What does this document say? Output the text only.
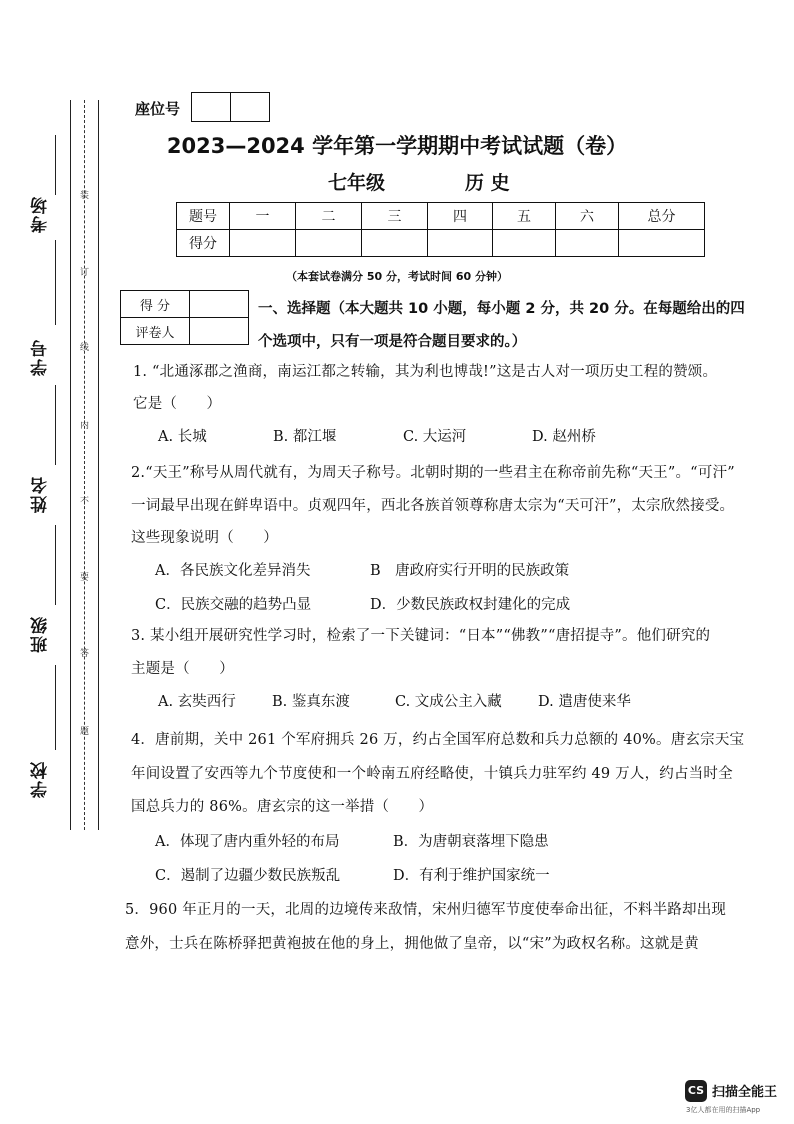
考场
学号
姓名
班级
学校
装
订
线
内
不
要
答
题
座位号
2023—2024 学年第一学期期中考试试题（卷）
七年级	历 史
题号	一	二	三	四	五	六	总分
得分							
（本套试卷满分 50 分，考试时间 60 分钟）
得 分	
评卷人	
一、选择题（本大题共 10 小题，每小题 2 分，共 20 分。在每题给出的四
个选项中，只有一项是符合题目要求的。）
1. “北通涿郡之渔商，南运江都之转输，其为利也博哉!”这是古人对一项历史工程的赞颂。
它是（　　）
A. 长城	B. 都江堰	C. 大运河	D. 赵州桥
2.“天王”称号从周代就有，为周天子称号。北朝时期的一些君主在称帝前先称“天王”。“可汗”
一词最早出现在鲜卑语中。贞观四年，西北各族首领尊称唐太宗为“天可汗”，太宗欣然接受。
这些现象说明（　　）
A．各民族文化差异消失	B　唐政府实行开明的民族政策
C．民族交融的趋势凸显	D．少数民族政权封建化的完成
3. 某小组开展研究性学习时，检索了一下关键词：“日本”“佛教”“唐招提寺”。他们研究的
主题是（　　）
A. 玄奘西行	B. 鉴真东渡	C. 文成公主入藏 D. 遣唐使来华
4．唐前期，关中 261 个军府拥兵 26 万，约占全国军府总数和兵力总额的 40%。唐玄宗天宝
年间设置了安西等九个节度使和一个岭南五府经略使，十镇兵力驻军约 49 万人，约占当时全
国总兵力的 86%。唐玄宗的这一举措（　　）
A．体现了唐内重外轻的布局	B．为唐朝衰落埋下隐患
C．遏制了边疆少数民族叛乱	D．有利于维护国家统一
5．960 年正月的一天，北周的边境传来敌情，宋州归德军节度使奉命出征，不料半路却出现
意外，士兵在陈桥驿把黄袍披在他的身上，拥他做了皇帝，以“宋”为政权名称。这就是黄
CS 扫描全能王
3亿人都在用的扫描App
